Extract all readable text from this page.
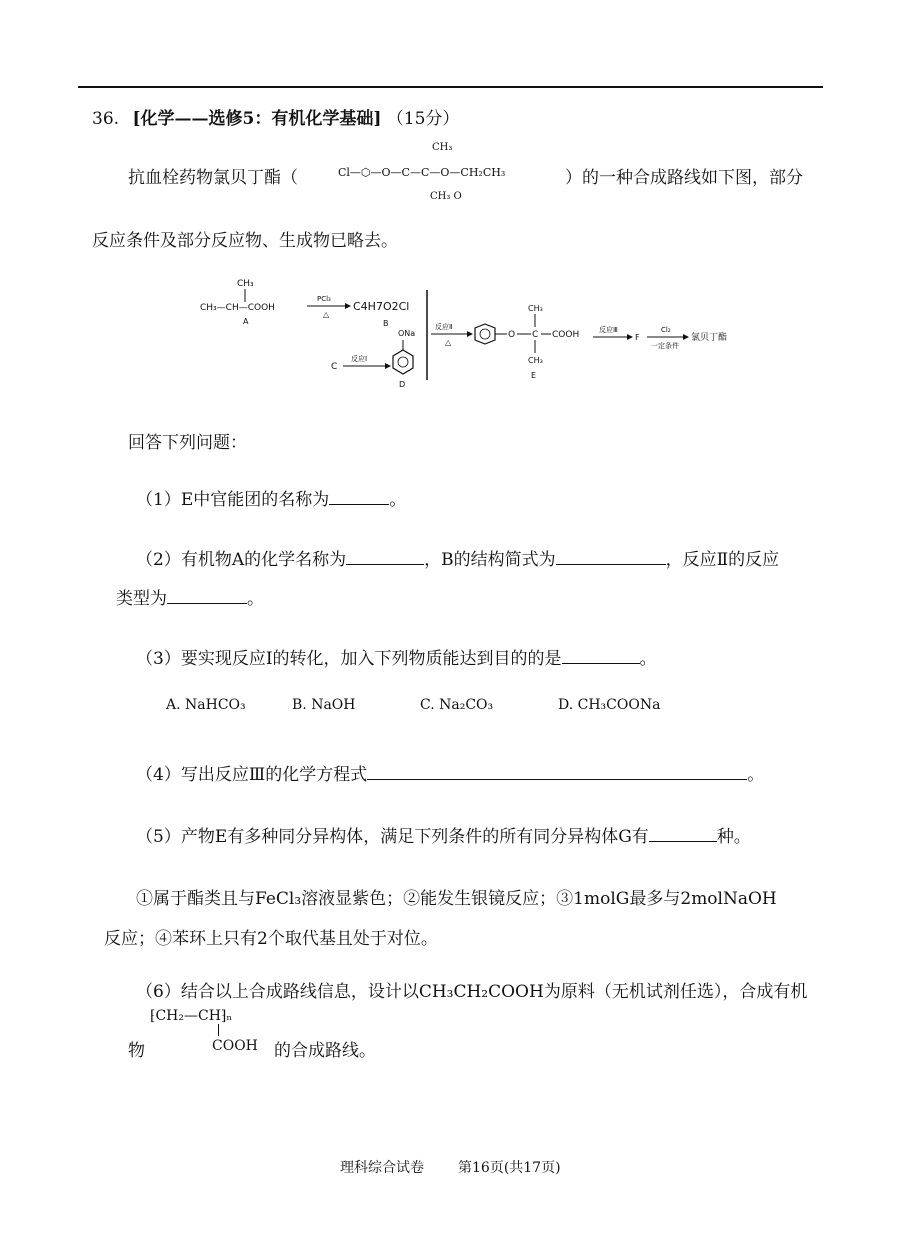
36. [化学——选修5：有机化学基础] （15分）
抗血栓药物氯贝丁酯（
CH₃
Cl—⬡—O—C—C—O—CH₂CH₃
CH₃ O
）的一种合成路线如下图，部分
反应条件及部分反应物、生成物已略去。
CH₃
CH₃—CH—COOH
A
PCl₃
△
C4H7O2Cl
B
ONa
D
C
反应Ⅰ
反应Ⅱ
△
O C
CH₃
CH₃
COOH
E
反应Ⅲ
F
Cl₂
一定条件
氯贝丁酯
回答下列问题：
（1）E中官能团的名称为	。
（2）有机物A的化学名称为	，B的结构简式为	，反应Ⅱ的反应
类型为	。
（3）要实现反应Ⅰ的转化，加入下列物质能达到目的的是	。
A. NaHCO₃	B. NaOH	C. Na₂CO₃	D. CH₃COONa
（4）写出反应Ⅲ的化学方程式	。
（5）产物E有多种同分异构体，满足下列条件的所有同分异构体G有	种。
①属于酯类且与FeCl₃溶液显紫色；②能发生银镜反应；③1molG最多与2molNaOH
反应；④苯环上只有2个取代基且处于对位。
（6）结合以上合成路线信息，设计以CH₃CH₂COOH为原料（无机试剂任选），合成有机
⁅CH₂—CH⁆ₙ
物	COOH 的合成路线。
理科综合试卷 第16页(共17页)
